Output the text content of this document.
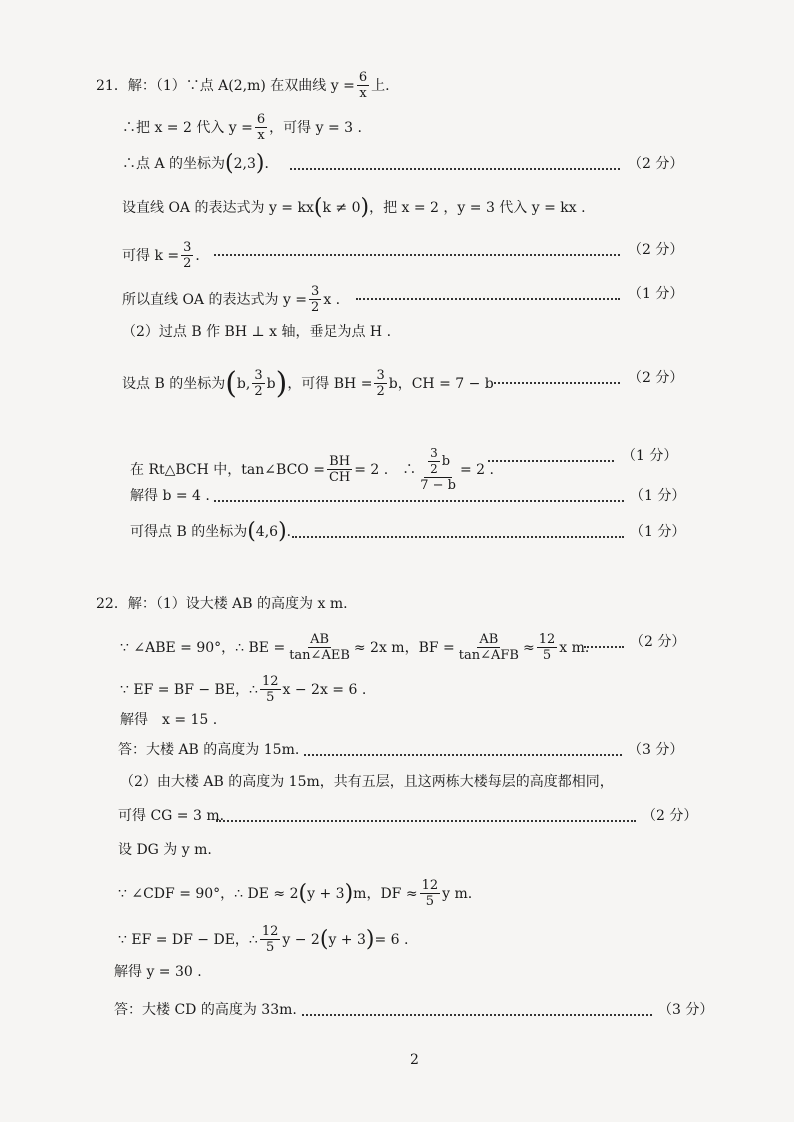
21．解：（1）∵点 A(2,m) 在双曲线 $y = \frac{6}{x}$ 上.
∴把 x = 2 代入 $y = \frac{6}{x}$ ，可得 y = 3 .
∴点 A 的坐标为 ( 2,3 ) ．	（2 分）
设直线 OA 的表达式为 y = kx ( k ≠ 0 ) ，把 x = 2 ，y = 3 代入 y = kx .
可得 $k = \frac{3}{2}$ ．	（2 分）
所以直线 OA 的表达式为 $y = \frac{3}{2}$ x .	（1 分）
（2）过点 B 作 BH ⊥ x 轴，垂足为点 H .
设点 B 的坐标为 ( b, $\frac{3}{2}$ b ) ，可得 BH = $\frac{3}{2}$ b，CH = 7 − b	（2 分）
在 Rt△BCH 中，tan∠BCO = $\frac{BH}{CH} = 2$ .　∴ $\frac{\frac{3}{2} b}{7 - b} = 2$ .
（1 分）
解得 b = 4 .	（1 分）
可得点 B 的坐标为 ( 4,6 ) ．	（1 分）
22．解：（1）设大楼 AB 的高度为 x m.
∵ ∠ABE = 90°，∴ BE = $\frac{AB}{\text{tan∠AEB}} \approx 2x$ m，BF = $\frac{AB}{\text{tan∠AFB}} \approx \frac{12}{5}$ x m.	（2 分）
∵ EF = BF − BE，∴ $\frac{12}{5}$ x − 2x = 6 .
解得　x = 15 .
答：大楼 AB 的高度为 15m.	（3 分）
（2）由大楼 AB 的高度为 15m，共有五层，且这两栋大楼每层的高度都相同，
可得 CG = 3 m.	（2 分）
设 DG 为 y m.
∵ ∠CDF = 90°，∴ DE ≈ 2 ( y + 3 ) m，DF ≈ $\frac{12}{5}$ y m.
∵ EF = DF − DE，∴ $\frac{12}{5}$ y − 2 ( y + 3 ) = 6 .
解得 y = 30 .
答：大楼 CD 的高度为 33m.	（3 分）
2
